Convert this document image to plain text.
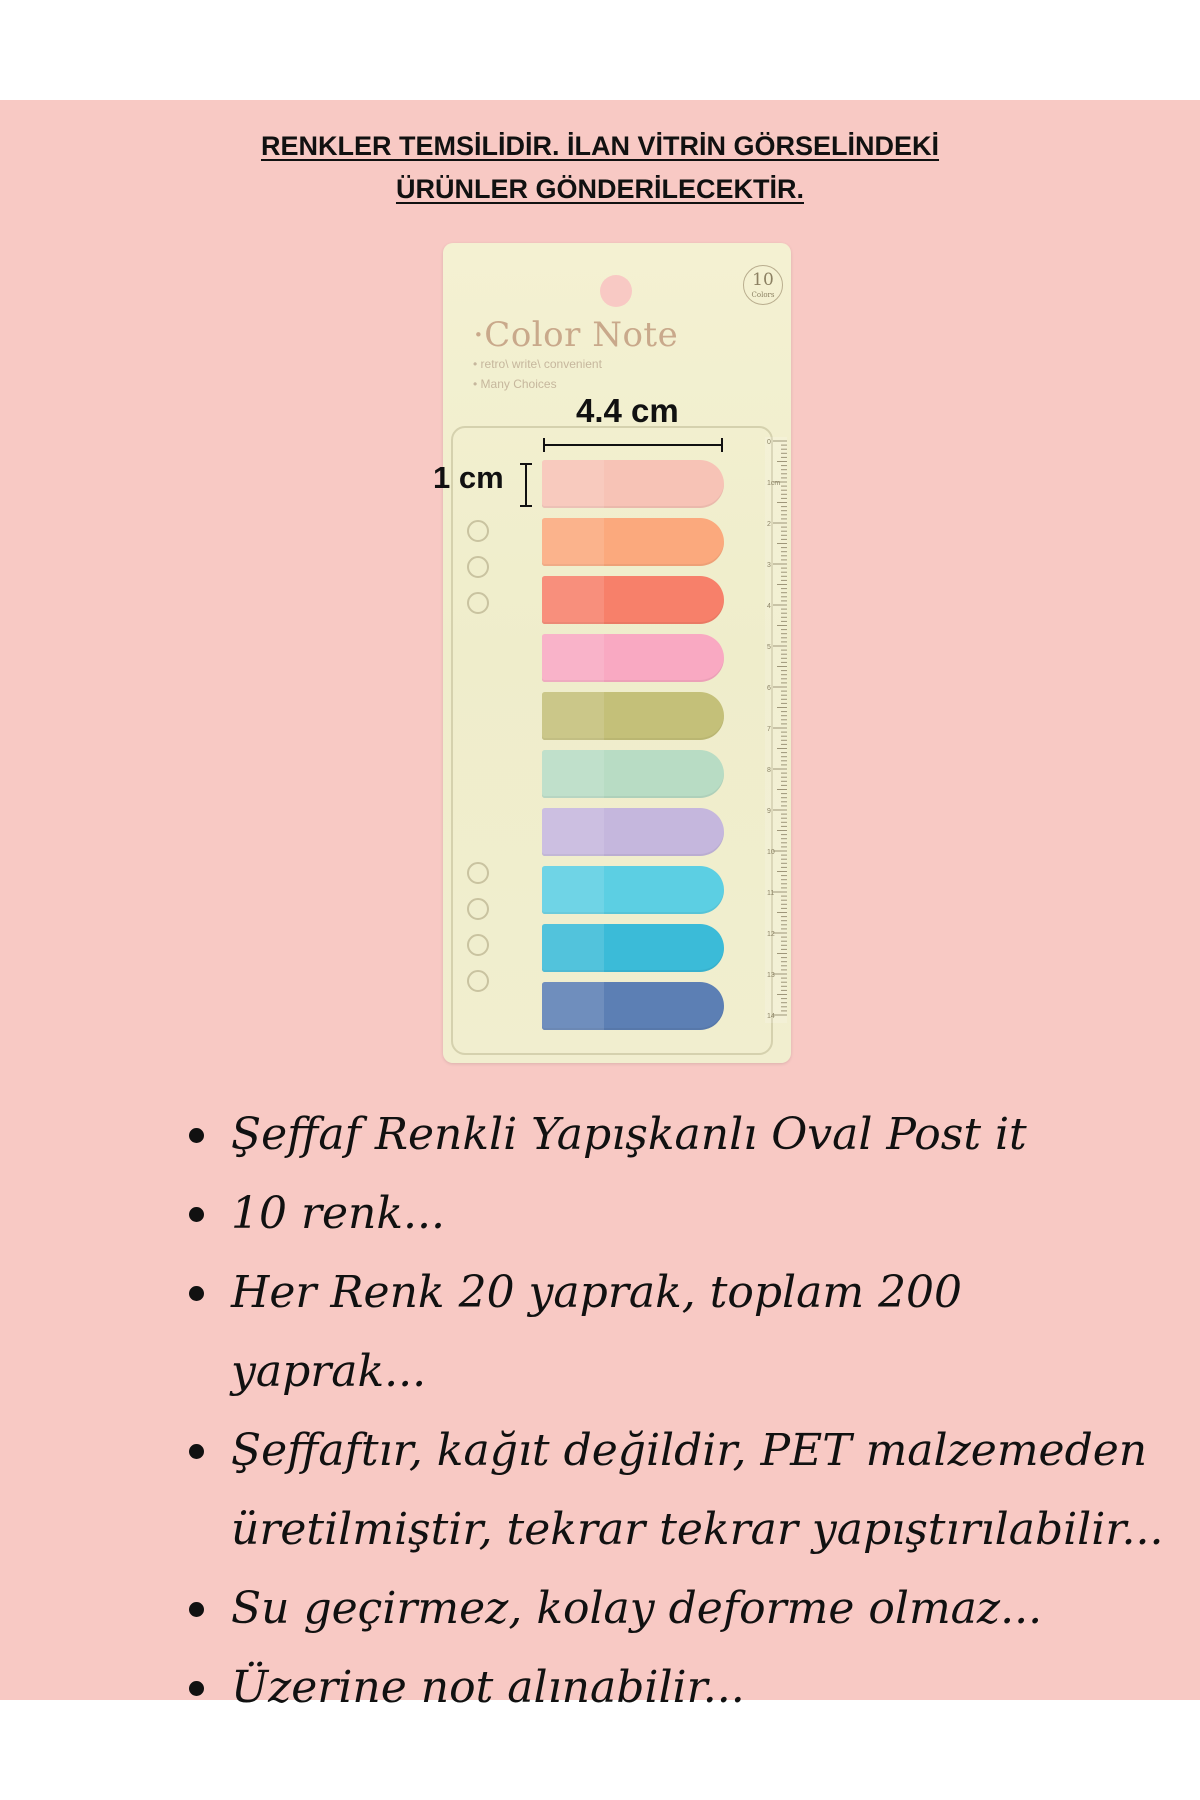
RENKLER TEMSİLİDİR. İLAN VİTRİN GÖRSELİNDEKİ
ÜRÜNLER GÖNDERİLECEKTİR.
10
Colors
·Color Note
• retro\ write\ convenient
• Many Choices
0
1cm
2
3
4
5
6
7
8
9
10
11
12
13
14
4.4 cm
1 cm
Şeffaf Renkli Yapışkanlı Oval Post it
10 renk...
Her Renk 20 yaprak, toplam 200 yaprak...
Şeffaftır, kağıt değildir, PET malzemeden üretilmiştir, tekrar tekrar yapıştırılabilir...
Su geçirmez, kolay deforme olmaz...
Üzerine not alınabilir...
